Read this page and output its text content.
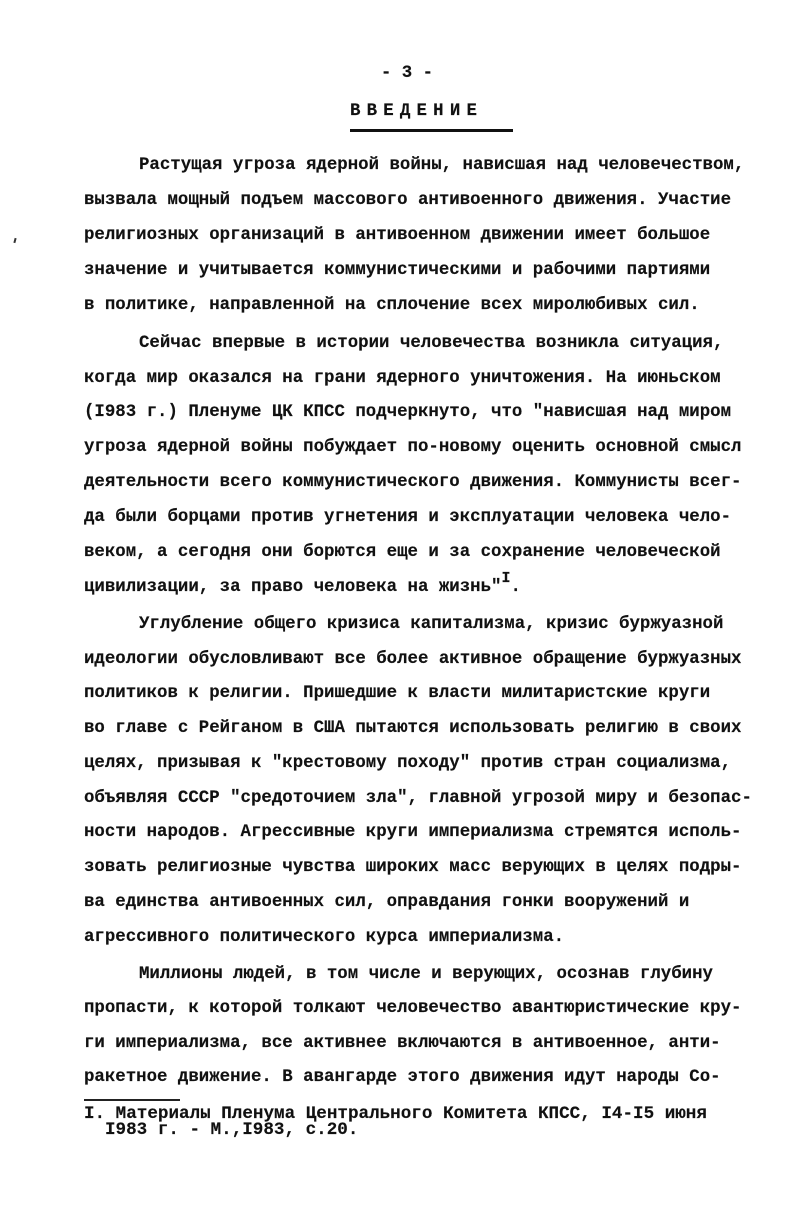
- 3 -
ВВЕДЕНИЕ
Растущая угроза ядерной войны, нависшая над человечеством,
вызвала мощный подъем массового антивоенного движения. Участие
религиозных организаций в антивоенном движении имеет большое
значение и учитывается коммунистическими и рабочими партиями
в политике, направленной на сплочение всех миролюбивых сил.
Сейчас впервые в истории человечества возникла ситуация,
когда мир оказался на грани ядерного уничтожения. На июньском
(I983 г.) Пленуме ЦК КПСС подчеркнуто, что "нависшая над миром
угроза ядерной войны побуждает по-новому оценить основной смысл
деятельности всего коммунистического движения. Коммунисты всег-
да были борцами против угнетения и эксплуатации человека чело-
веком, а сегодня они борются еще и за сохранение человеческой
цивилизации, за право человека на жизнь"I.
Углубление общего кризиса капитализма, кризис буржуазной
идеологии обусловливают все более активное обращение буржуазных
политиков к религии. Пришедшие к власти милитаристские круги
во главе с Рейганом в США пытаются использовать религию в своих
целях, призывая к "крестовому походу" против стран социализма,
объявляя СССР "средоточием зла", главной угрозой миру и безопас-
ности народов. Агрессивные круги империализма стремятся исполь-
зовать религиозные чувства широких масс верующих в целях подры-
ва единства антивоенных сил, оправдания гонки вооружений и
агрессивного политического курса империализма.
Миллионы людей, в том числе и верующих, осознав глубину
пропасти, к которой толкают человечество авантюристические кру-
ги империализма, все активнее включаются в антивоенное, анти-
ракетное движение. В авангарде этого движения идут народы Со-
I. Материалы Пленума Центрального Комитета КПСС, I4-I5 июня
I983 г. - М.,I983, с.20.
